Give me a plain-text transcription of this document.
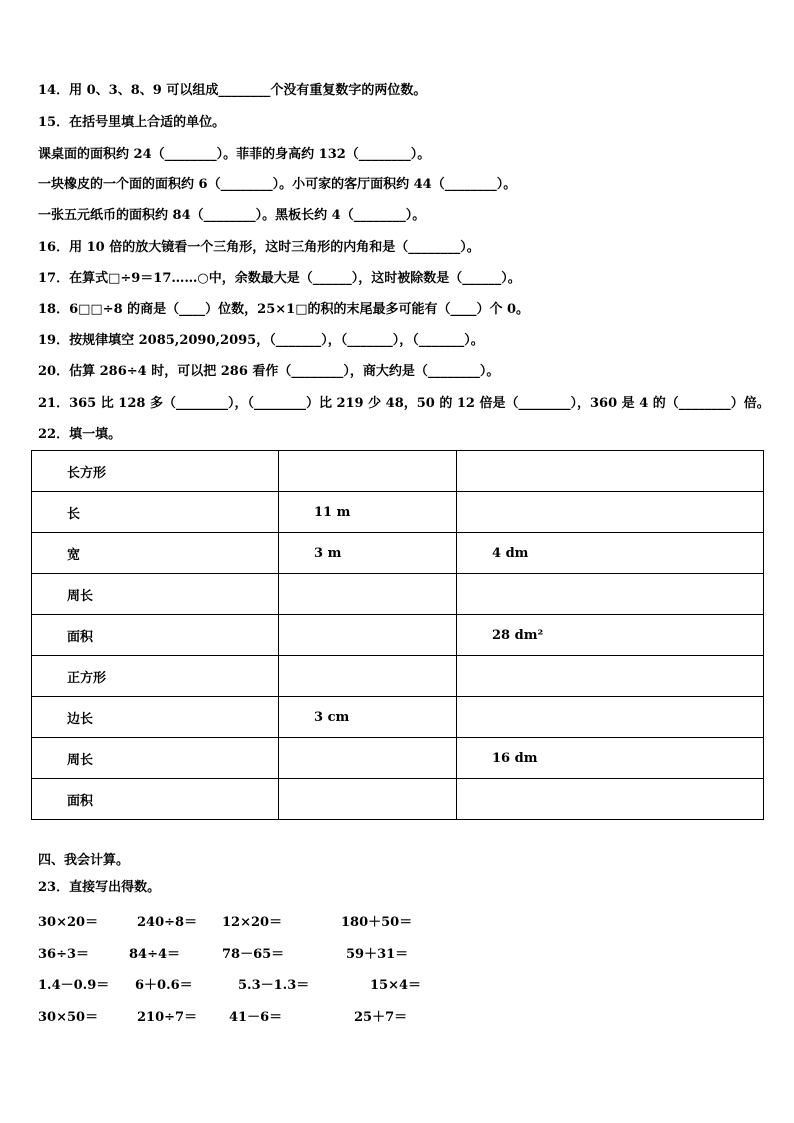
14．用 0、3、8、9 可以组成________个没有重复数字的两位数。
15．在括号里填上合适的单位。
课桌面的面积约 24（________）。菲菲的身高约 132（________）。
一块橡皮的一个面的面积约 6（________）。小可家的客厅面积约 44（________）。
一张五元纸币的面积约 84（________）。黑板长约 4（________）。
16．用 10 倍的放大镜看一个三角形，这时三角形的内角和是（________）。
17．在算式□÷9＝17……○中，余数最大是（______），这时被除数是（______）。
18．6□□÷8 的商是（____）位数，25×1□的积的末尾最多可能有（____）个 0。
19．按规律填空 2085,2090,2095，（_______），（_______），（_______）。
20．估算 286÷4 时，可以把 286 看作（________），商大约是（________）。
21．365 比 128 多（________），（________）比 219 少 48，50 的 12 倍是（________），360 是 4 的（________）倍。
22．填一填。
长方形		
长	11 m	
宽	3 m	4 dm
周长		
面积		28 dm²
正方形		
边长	3 cm	
周长		16 dm
面积		
四、我会计算。
23．直接写出得数。
30×20＝	240÷8＝ 12×20＝	180＋50＝
36÷3＝	84÷4＝	78－65＝	59＋31＝
1.4－0.9＝ 6＋0.6＝	5.3－1.3＝	15×4＝
30×50＝	210÷7＝ 41－6＝	25＋7＝
